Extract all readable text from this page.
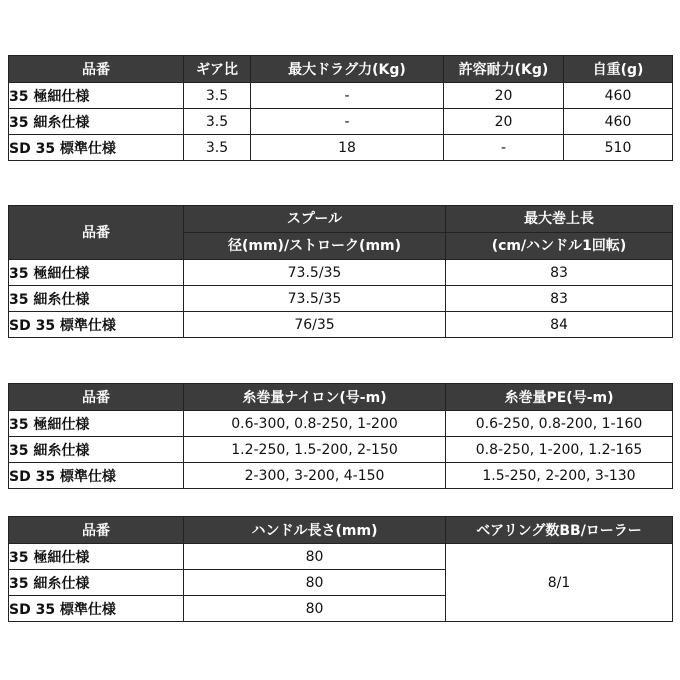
品番	ギア比	最大ドラグ力(Kg)	許容耐力(Kg)	自重(g)
35 極細仕様	3.5	-	20	460
35 細糸仕様	3.5	-	20	460
SD 35 標準仕様	3.5	18	-	510
品番	スプール	最大巻上長
	径(mm)/ストローク(mm)	(cm/ハンドル1回転)
35 極細仕様	73.5/35	83
35 細糸仕様	73.5/35	83
SD 35 標準仕様	76/35	84
品番	糸巻量ナイロン(号-m)	糸巻量PE(号-m)
35 極細仕様	0.6-300, 0.8-250, 1-200	0.6-250, 0.8-200, 1-160
35 細糸仕様	1.2-250, 1.5-200, 2-150	0.8-250, 1-200, 1.2-165
SD 35 標準仕様	2-300, 3-200, 4-150	1.5-250, 2-200, 3-130
品番	ハンドル長さ(mm)	ベアリング数BB/ローラー
35 極細仕様	80	8/1
35 細糸仕様	80	
SD 35 標準仕様	80	
